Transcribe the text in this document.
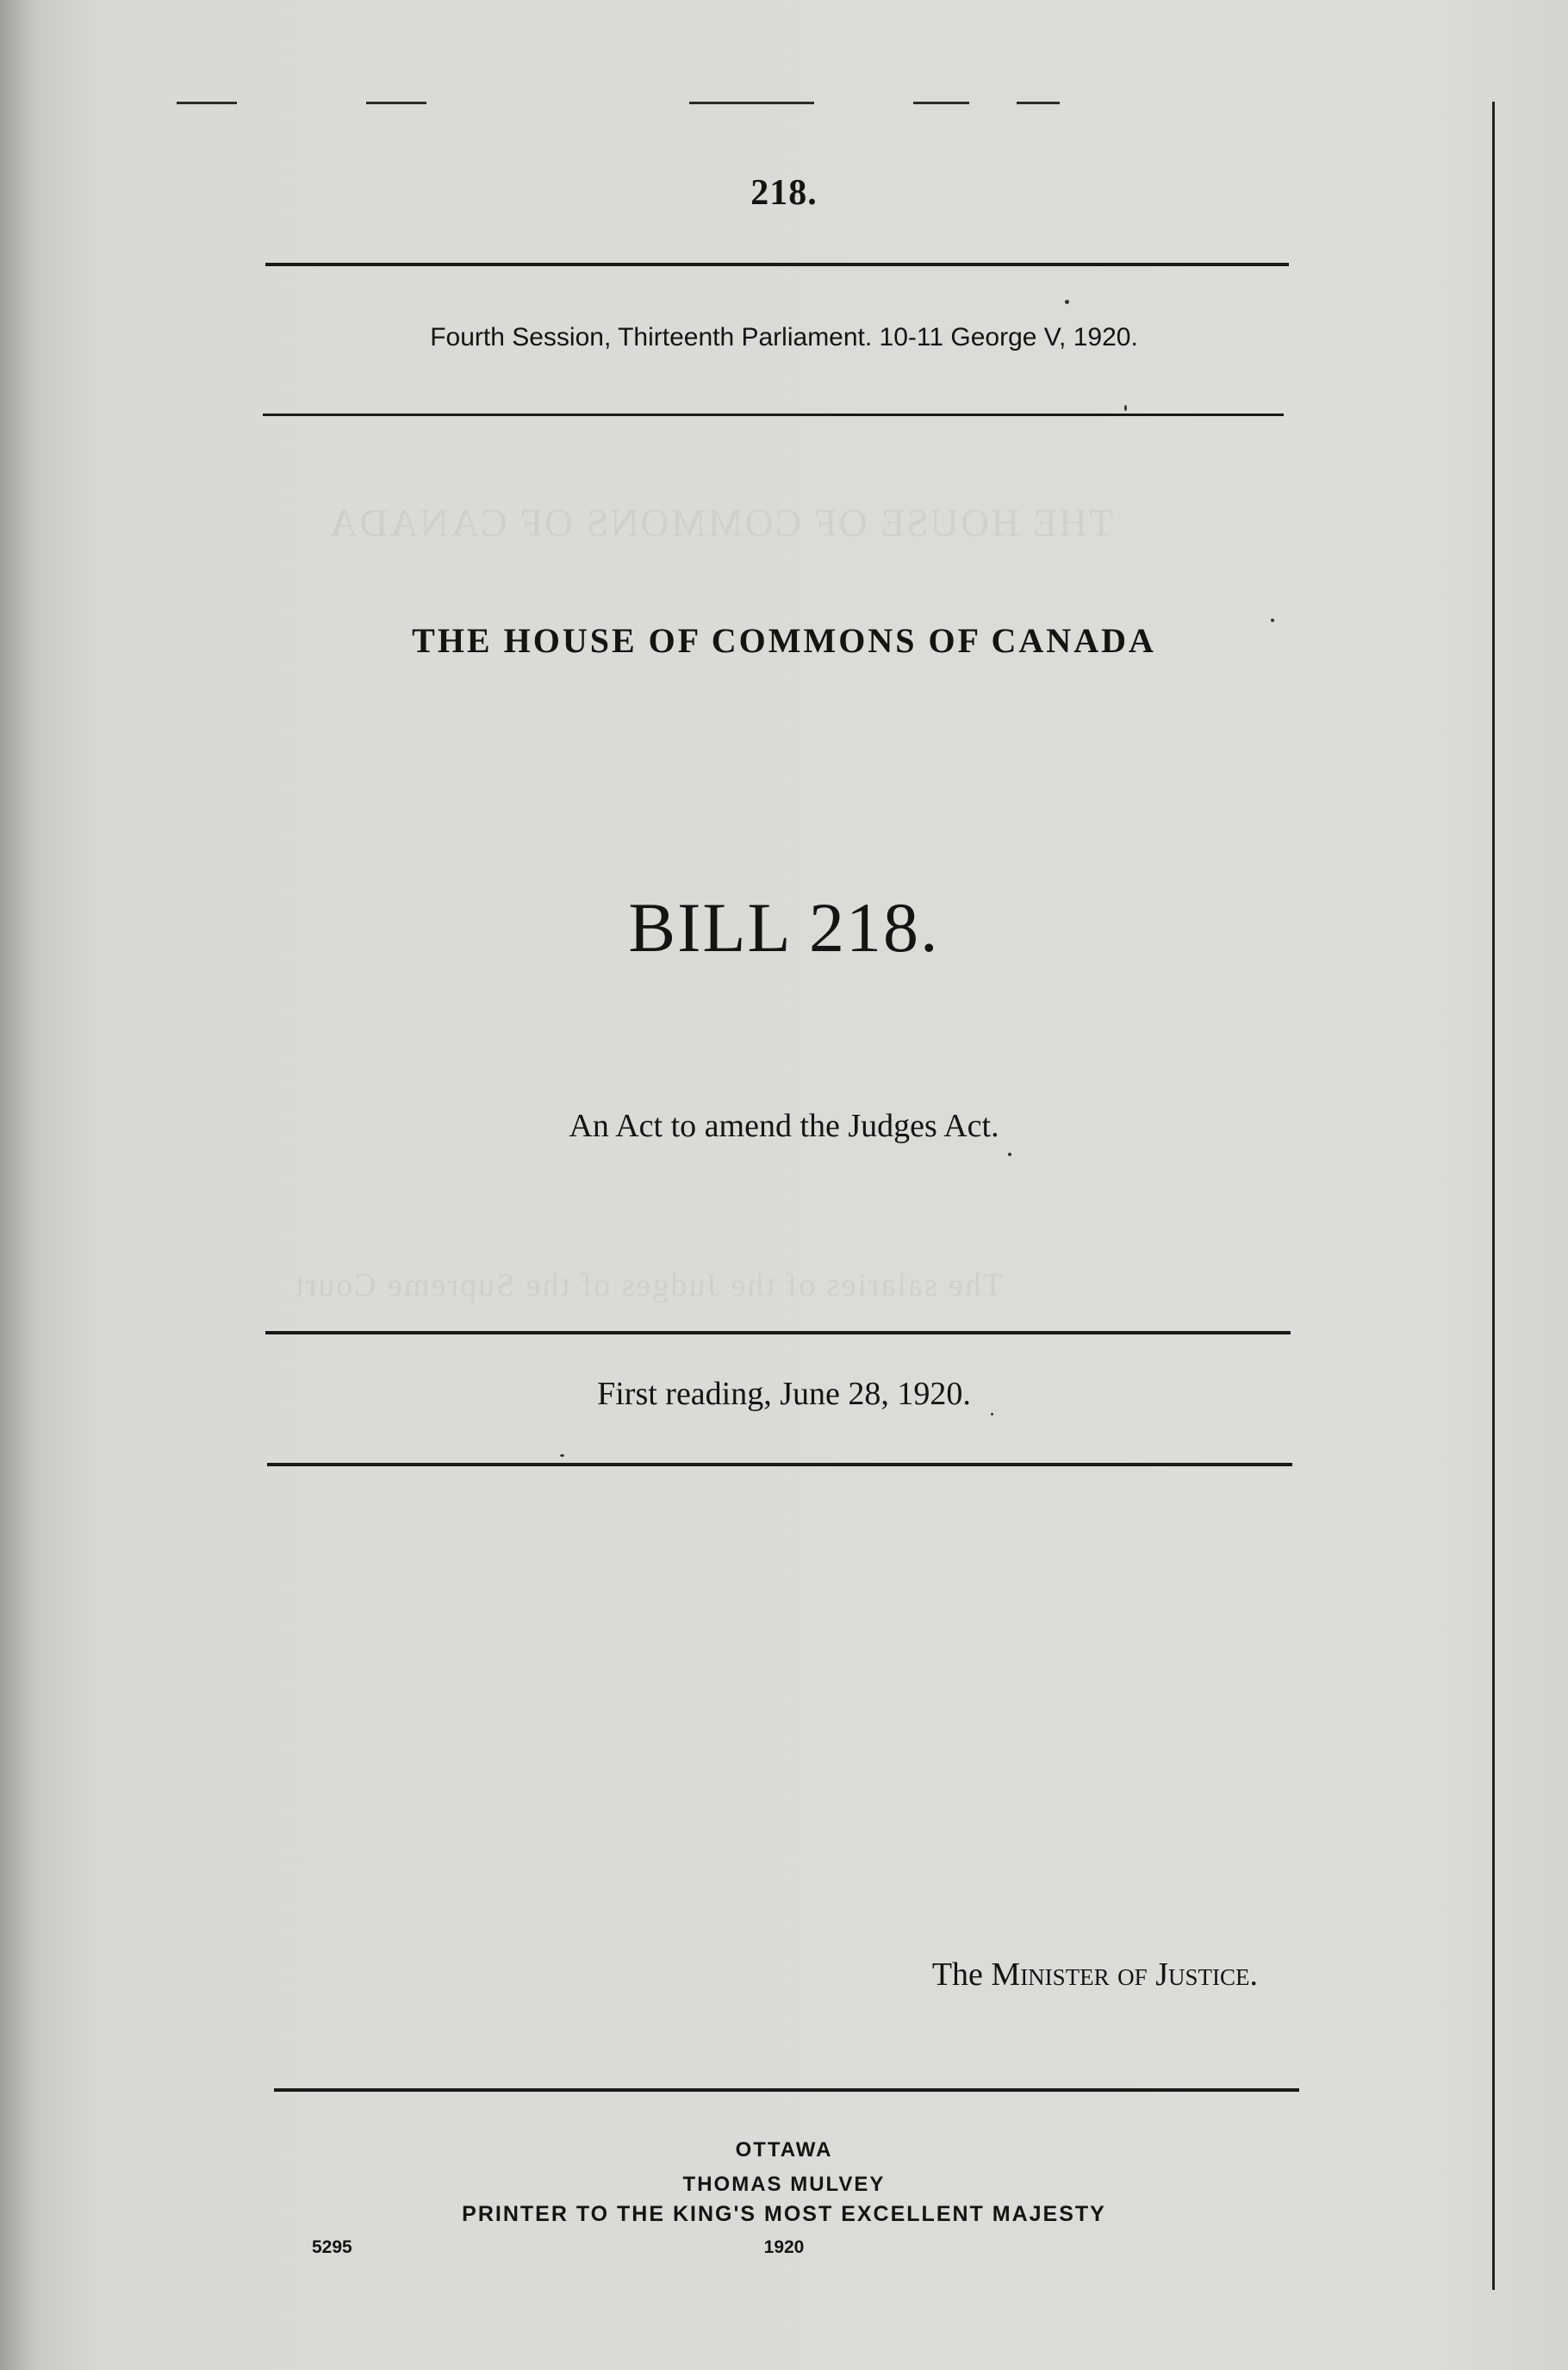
THE HOUSE OF COMMONS OF CANADA
The salaries of the Judges of the Supreme Court
218.
Fourth Session, Thirteenth Parliament. 10-11 George V, 1920.
THE HOUSE OF COMMONS OF CANADA
BILL 218.
An Act to amend the Judges Act.
First reading, June 28, 1920.
The Minister of Justice.
OTTAWA
THOMAS MULVEY
PRINTER TO THE KING'S MOST EXCELLENT MAJESTY
1920
5295
